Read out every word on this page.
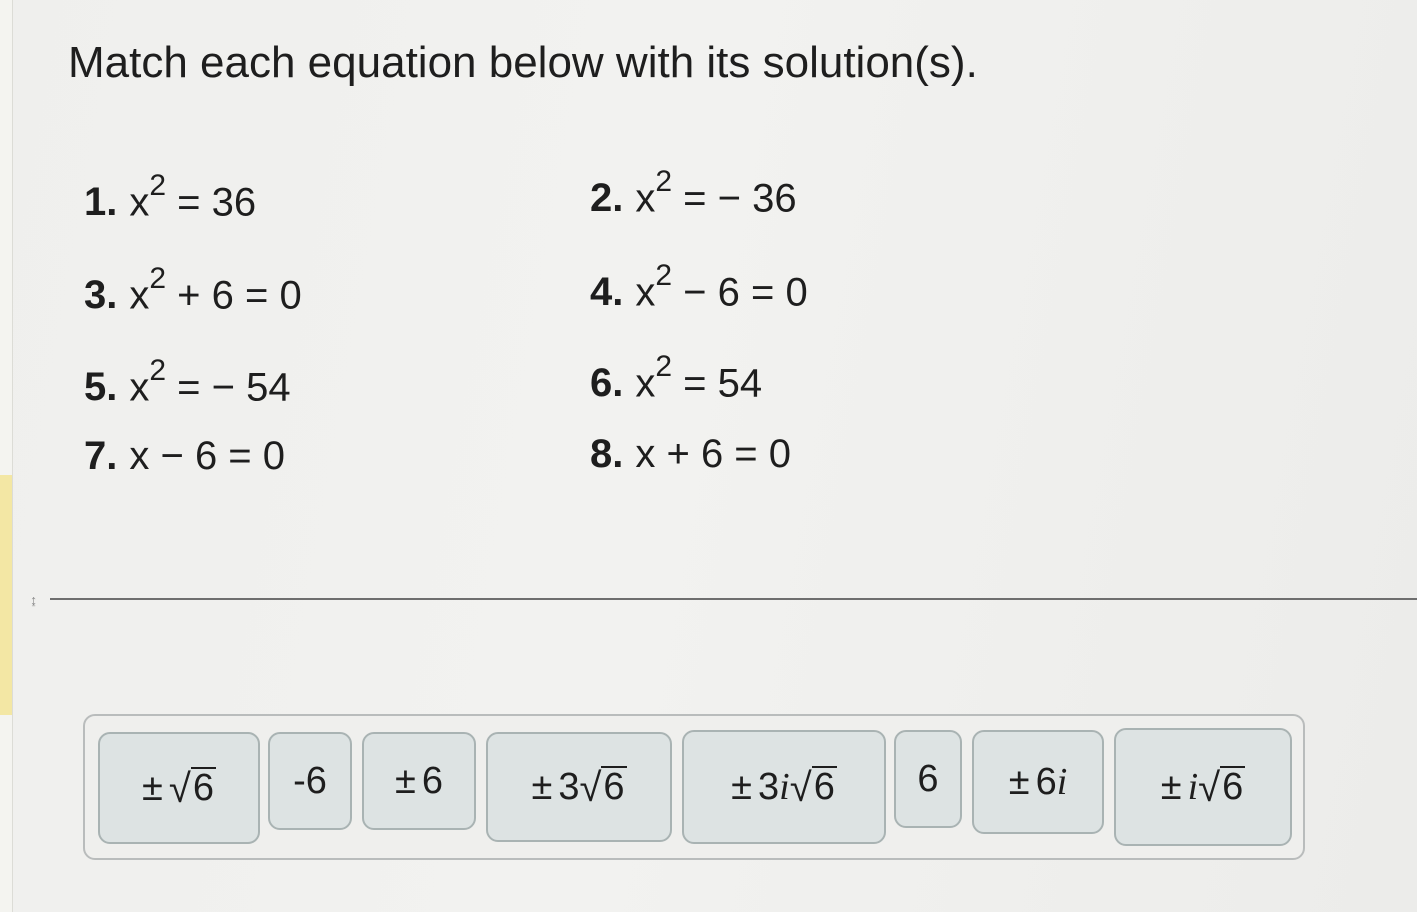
Match each equation below with its solution(s).
1. $x^2 = 36$	2. $x^2$ = − 36
3. $x^2 + 6 = 0$	4. $x^2 - 6 = 0$
5. $x^2$ = − 54	6. $x^2 = 54$
7. x − 6 = 0	8. x + 6 = 0
↨
± √ 6 -6 ± 6 ± 3 √ 6	± 3 i √ 6 6 ± 6 i ± i √ 6
